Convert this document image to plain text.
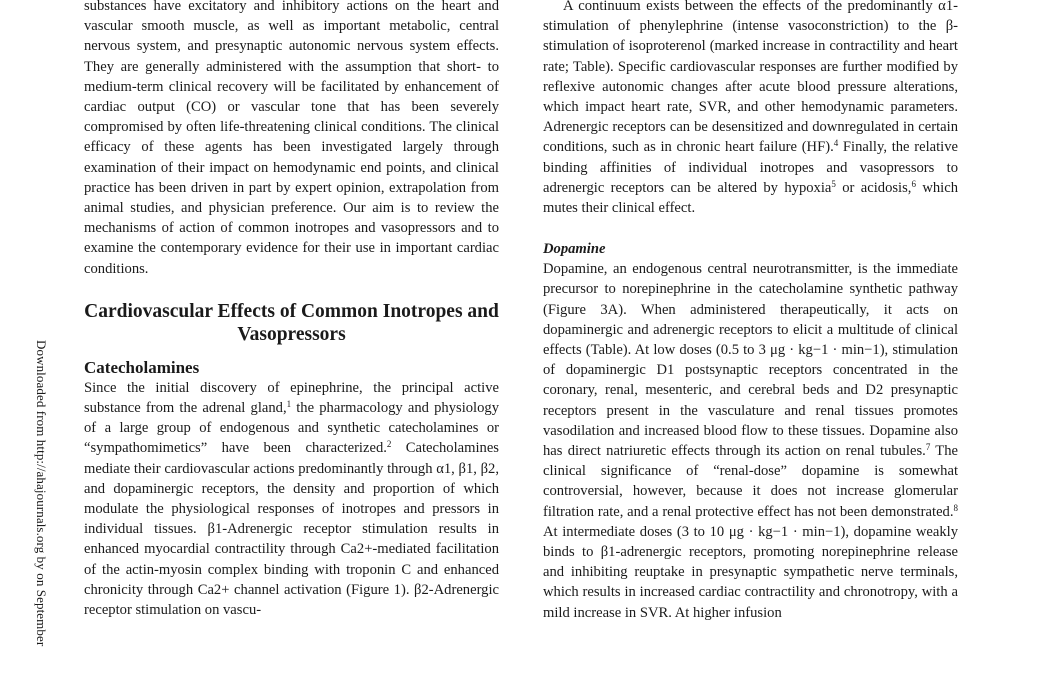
Downloaded from http://ahajournals.org by on September

substances have excitatory and inhibitory actions on the heart and vascular smooth muscle, as well as important metabolic, central nervous system, and presynaptic autonomic nervous system effects. They are generally administered with the assumption that short- to medium-term clinical recovery will be facilitated by enhancement of cardiac output (CO) or vascular tone that has been severely compromised by often life-threatening clinical conditions. The clinical efficacy of these agents has been investigated largely through examination of their impact on hemodynamic end points, and clinical practice has been driven in part by expert opinion, extrapolation from animal studies, and physician preference. Our aim is to review the mechanisms of action of common inotropes and vasopressors and to examine the contemporary evidence for their use in important cardiac conditions.

Cardiovascular Effects of Common Inotropes and Vasopressors
Catecholamines

Since the initial discovery of epinephrine, the principal active substance from the adrenal gland,$^1$ the pharmacology and physiology of a large group of endogenous and synthetic catecholamines or “sympathomimetics” have been characterized.$^2$ Catecholamines mediate their cardiovascular actions predominantly through α1, β1, β2, and dopaminergic receptors, the density and proportion of which modulate the physiological responses of inotropes and pressors in individual tissues. β1-Adrenergic receptor stimulation results in enhanced myocardial contractility through Ca2+-mediated facilitation of the actin-myosin complex binding with troponin C and enhanced chronicity through Ca2+ channel activation (Figure 1). β2-Adrenergic receptor stimulation on vascu-

A continuum exists between the effects of the predominantly α1-stimulation of phenylephrine (intense vasoconstriction) to the β-stimulation of isoproterenol (marked increase in contractility and heart rate; Table). Specific cardiovascular responses are further modified by reflexive autonomic changes after acute blood pressure alterations, which impact heart rate, SVR, and other hemodynamic parameters. Adrenergic receptors can be desensitized and downregulated in certain conditions, such as in chronic heart failure (HF).$^4$ Finally, the relative binding affinities of individual inotropes and vasopressors to adrenergic receptors can be altered by hypoxia$^5$ or acidosis,$^6$ which mutes their clinical effect.

Dopamine

Dopamine, an endogenous central neurotransmitter, is the immediate precursor to norepinephrine in the catecholamine synthetic pathway (Figure 3A). When administered therapeutically, it acts on dopaminergic and adrenergic receptors to elicit a multitude of clinical effects (Table). At low doses (0.5 to 3 μg · kg−1 · min−1), stimulation of dopaminergic D1 postsynaptic receptors concentrated in the coronary, renal, mesenteric, and cerebral beds and D2 presynaptic receptors present in the vasculature and renal tissues promotes vasodilation and increased blood flow to these tissues. Dopamine also has direct natriuretic effects through its action on renal tubules.$^7$ The clinical significance of “renal-dose” dopamine is somewhat controversial, however, because it does not increase glomerular filtration rate, and a renal protective effect has not been demonstrated.$^8$ At intermediate doses (3 to 10 μg · kg−1 · min−1), dopamine weakly binds to β1-adrenergic receptors, promoting norepinephrine release and inhibiting reuptake in presynaptic sympathetic nerve terminals, which results in increased cardiac contractility and chronotropy, with a mild increase in SVR. At higher infusion
